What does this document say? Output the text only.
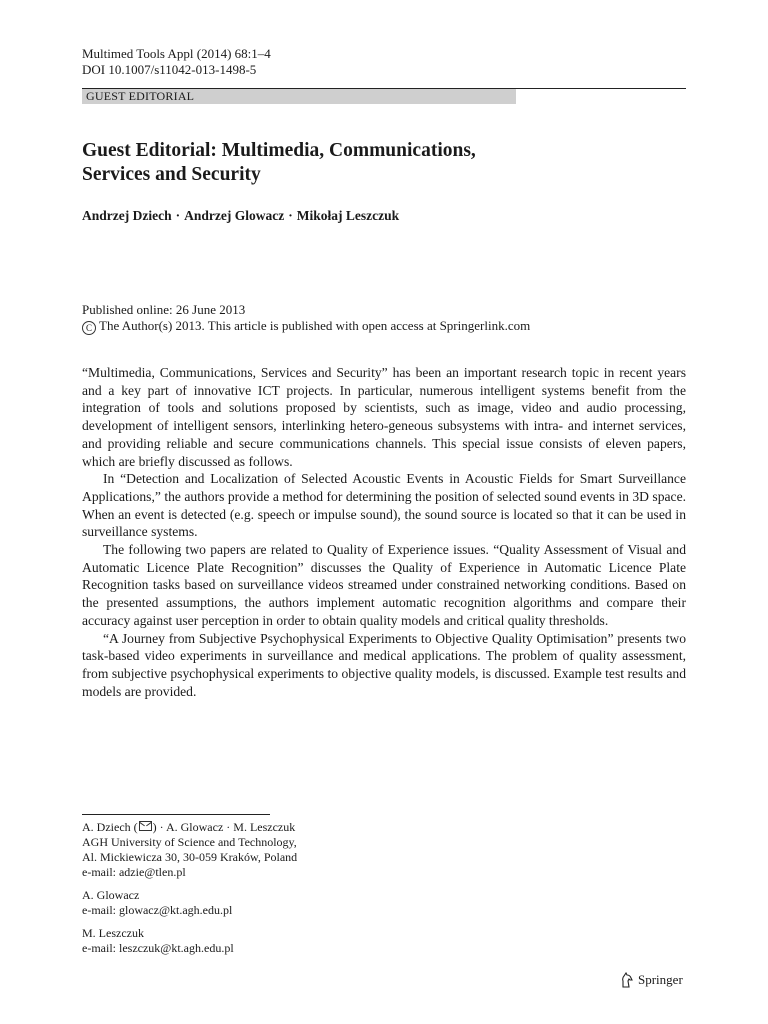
Multimed Tools Appl (2014) 68:1–4
DOI 10.1007/s11042-013-1498-5
GUEST EDITORIAL
Guest Editorial: Multimedia, Communications,
Services and Security
Andrzej Dziech · Andrzej Glowacz · Mikołaj Leszczuk
Published online: 26 June 2013
C The Author(s) 2013. This article is published with open access at Springerlink.com

“Multimedia, Communications, Services and Security” has been an important research topic in recent years and a key part of innovative ICT projects. In particular, numerous intelligent systems benefit from the integration of tools and solutions proposed by scientists, such as image, video and audio processing, development of intelligent sensors, interlinking hetero-geneous subsystems with intra- and internet services, and providing reliable and secure communications channels. This special issue consists of eleven papers, which are briefly discussed as follows.

In “Detection and Localization of Selected Acoustic Events in Acoustic Fields for Smart Surveillance Applications,” the authors provide a method for determining the position of selected sound events in 3D space. When an event is detected (e.g. speech or impulse sound), the sound source is located so that it can be used in surveillance systems.

The following two papers are related to Quality of Experience issues. “Quality Assessment of Visual and Automatic Licence Plate Recognition” discusses the Quality of Experience in Automatic Licence Plate Recognition tasks based on surveillance videos streamed under constrained networking conditions. Based on the presented assumptions, the authors implement automatic recognition algorithms and compare their accuracy against user perception in order to obtain quality models and critical quality thresholds.

“A Journey from Subjective Psychophysical Experiments to Objective Quality Optimisation” presents two task-based video experiments in surveillance and medical applications. The problem of quality assessment, from subjective psychophysical experiments to objective quality models, is discussed. Example test results and models are provided.

A. Dziech ( ) · A. Glowacz · M. Leszczuk
AGH University of Science and Technology,
Al. Mickiewicza 30, 30-059 Kraków, Poland
e-mail: adzie@tlen.pl
A. Glowacz
e-mail: glowacz@kt.agh.edu.pl
M. Leszczuk
e-mail: leszczuk@kt.agh.edu.pl
Springer
